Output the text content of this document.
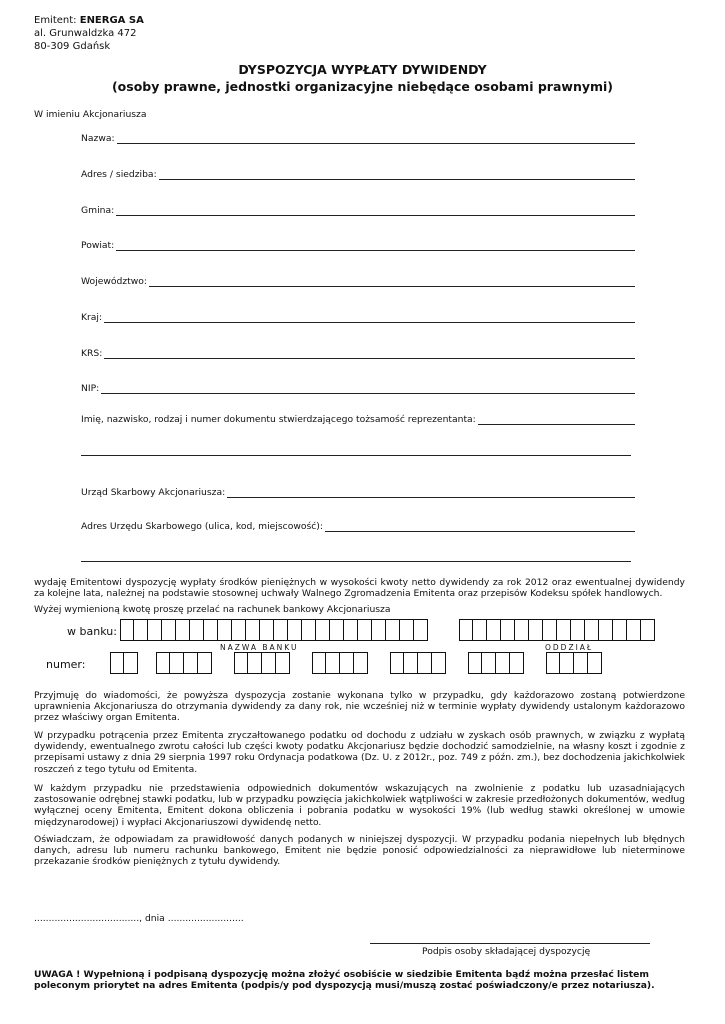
Emitent: ENERGA SA
al. Grunwaldzka 472
80-309 Gdańsk
DYSPOZYCJA WYPŁATY DYWIDENDY
(osoby prawne, jednostki organizacyjne niebędące osobami prawnymi)
W imieniu Akcjonariusza
Nazwa:
Adres / siedziba:
Gmina:
Powiat:
Województwo:
Kraj:
KRS:
NIP:
Imię, nazwisko, rodzaj i numer dokumentu stwierdzającego tożsamość reprezentanta:
Urząd Skarbowy Akcjonariusza:
Adres Urzędu Skarbowego (ulica, kod, miejscowość):
wydaję Emitentowi dyspozycję wypłaty środków pieniężnych w wysokości kwoty netto dywidendy za rok 2012 oraz ewentualnej dywidendy za kolejne lata, należnej na podstawie stosownej uchwały Walnego Zgromadzenia Emitenta oraz przepisów Kodeksu spółek handlowych.
Wyżej wymienioną kwotę proszę przelać na rachunek bankowy Akcjonariusza
w banku:
NAZWA BANKU	ODDZIAŁ
numer:
Przyjmuję do wiadomości, że powyższa dyspozycja zostanie wykonana tylko w przypadku, gdy każdorazowo zostaną potwierdzone uprawnienia Akcjonariusza do otrzymania dywidendy za dany rok, nie wcześniej niż w terminie wypłaty dywidendy ustalonym każdorazowo przez właściwy organ Emitenta.
W przypadku potrącenia przez Emitenta zryczałtowanego podatku od dochodu z udziału w zyskach osób prawnych, w związku z wypłatą dywidendy, ewentualnego zwrotu całości lub części kwoty podatku Akcjonariusz będzie dochodzić samodzielnie, na własny koszt i zgodnie z przepisami ustawy z dnia 29 sierpnia 1997 roku Ordynacja podatkowa (Dz. U. z 2012r., poz. 749 z późn. zm.), bez dochodzenia jakichkolwiek roszczeń z tego tytułu od Emitenta.
W każdym przypadku nie przedstawienia odpowiednich dokumentów wskazujących na zwolnienie z podatku lub uzasadniających zastosowanie odrębnej stawki podatku, lub w przypadku powzięcia jakichkolwiek wątpliwości w zakresie przedłożonych dokumentów, według wyłącznej oceny Emitenta, Emitent dokona obliczenia i pobrania podatku w wysokości 19% (lub według stawki określonej w umowie międzynarodowej) i wypłaci Akcjonariuszowi dywidendę netto.
Oświadczam, że odpowiadam za prawidłowość danych podanych w niniejszej dyspozycji. W przypadku podania niepełnych lub błędnych danych, adresu lub numeru rachunku bankowego, Emitent nie będzie ponosić odpowiedzialności za nieprawidłowe lub nieterminowe przekazanie środków pieniężnych z tytułu dywidendy.
...................................., dnia ..........................
Podpis osoby składającej dyspozycję
UWAGA ! Wypełnioną i podpisaną dyspozycję można złożyć osobiście w siedzibie Emitenta bądź można przesłać listem poleconym priorytet na adres Emitenta (podpis/y pod dyspozycją musi/muszą zostać poświadczony/e przez notariusza).
